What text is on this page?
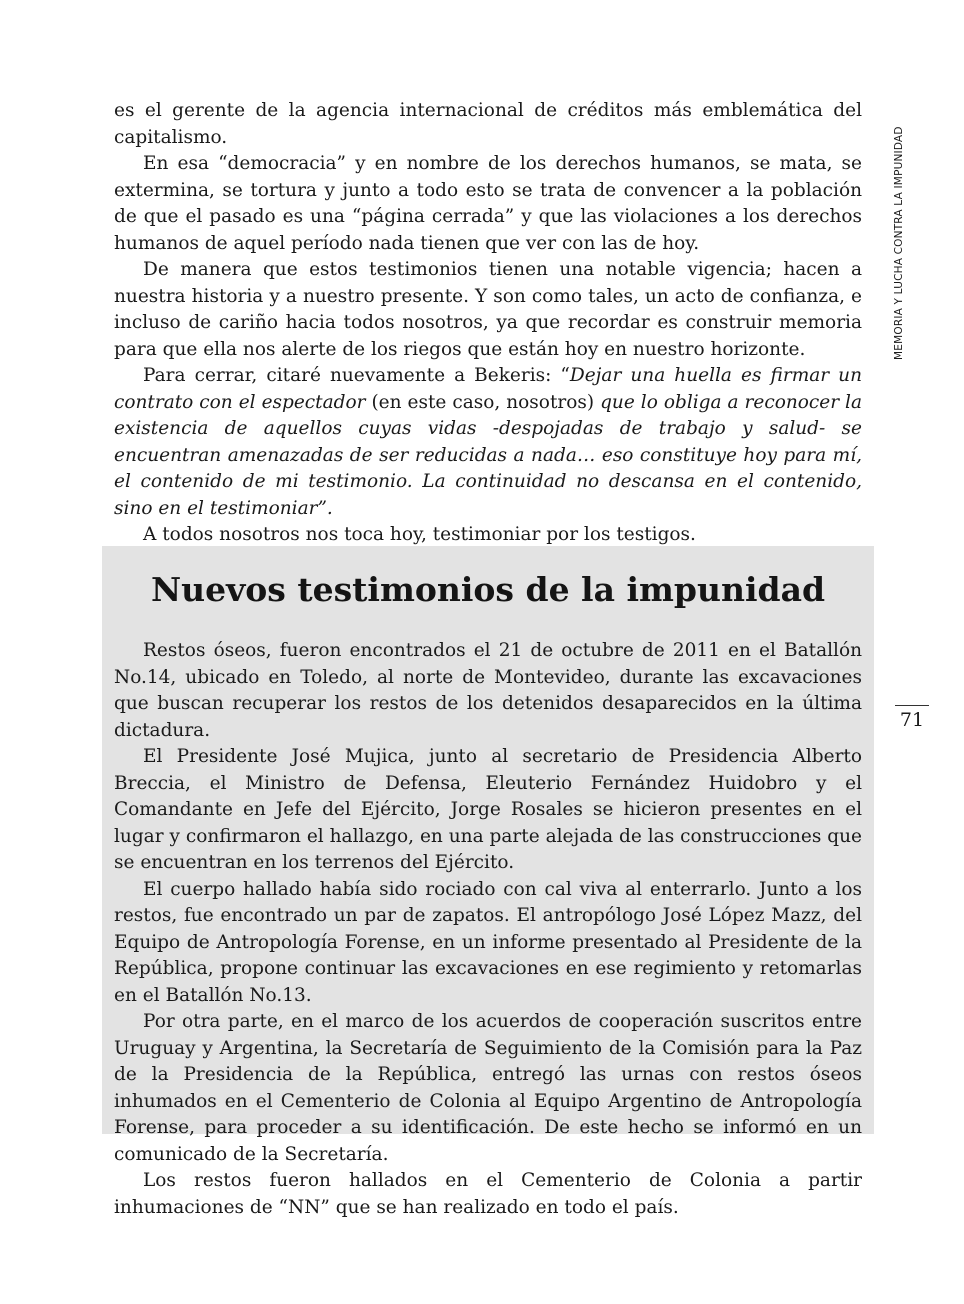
es el gerente de la agencia internacional de créditos más emblemática del capitalismo.

En esa “democracia” y en nombre de los derechos humanos, se mata, se extermina, se tortura y junto a todo esto se trata de convencer a la población de que el pasado es una “página cerrada” y que las violaciones a los derechos humanos de aquel período nada tienen que ver con las de hoy.

De manera que estos testimonios tienen una notable vigencia; hacen a nuestra historia y a nuestro presente. Y son como tales, un acto de confianza, e incluso de cariño hacia todos nosotros, ya que recordar es construir memoria para que ella nos alerte de los riegos que están hoy en nuestro horizonte.

Para cerrar, citaré nuevamente a Bekeris: “Dejar una huella es firmar un contrato con el espectador (en este caso, nosotros) que lo obliga a reconocer la existencia de aquellos cuyas vidas -despojadas de trabajo y salud- se encuentran amenazadas de ser reducidas a nada… eso constituye hoy para mí, el contenido de mi testimonio. La continuidad no descansa en el contenido, sino en el testimoniar”.

A todos nosotros nos toca hoy, testimoniar por los testigos.

Nuevos testimonios de la impunidad

Restos óseos, fueron encontrados el 21 de octubre de 2011 en el Batallón No.14, ubicado en Toledo, al norte de Montevideo, durante las excavaciones que buscan recuperar los restos de los detenidos desaparecidos en la última dictadura.

El Presidente José Mujica, junto al secretario de Presidencia Alberto Breccia, el Ministro de Defensa, Eleuterio Fernández Huidobro y el Comandante en Jefe del Ejército, Jorge Rosales se hicieron presentes en el lugar y confirmaron el hallazgo, en una parte alejada de las construcciones que se encuentran en los terrenos del Ejército.

El cuerpo hallado había sido rociado con cal viva al enterrarlo. Junto a los restos, fue encontrado un par de zapatos. El antropólogo José López Mazz, del Equipo de Antropología Forense, en un informe presentado al Presidente de la República, propone continuar las excavaciones en ese regimiento y retomarlas en el Batallón No.13.

Por otra parte, en el marco de los acuerdos de cooperación suscritos entre Uruguay y Argentina, la Secretaría de Seguimiento de la Comisión para la Paz de la Presidencia de la República, entregó las urnas con restos óseos inhumados en el Cementerio de Colonia al Equipo Argentino de Antropología Forense, para proceder a su identificación. De este hecho se informó en un comunicado de la Secretaría.

Los restos fueron hallados en el Cementerio de Colonia a partir inhumaciones de “NN” que se han realizado en todo el país.

MEMORIA Y LUCHA CONTRA LA IMPUNIDAD
71
